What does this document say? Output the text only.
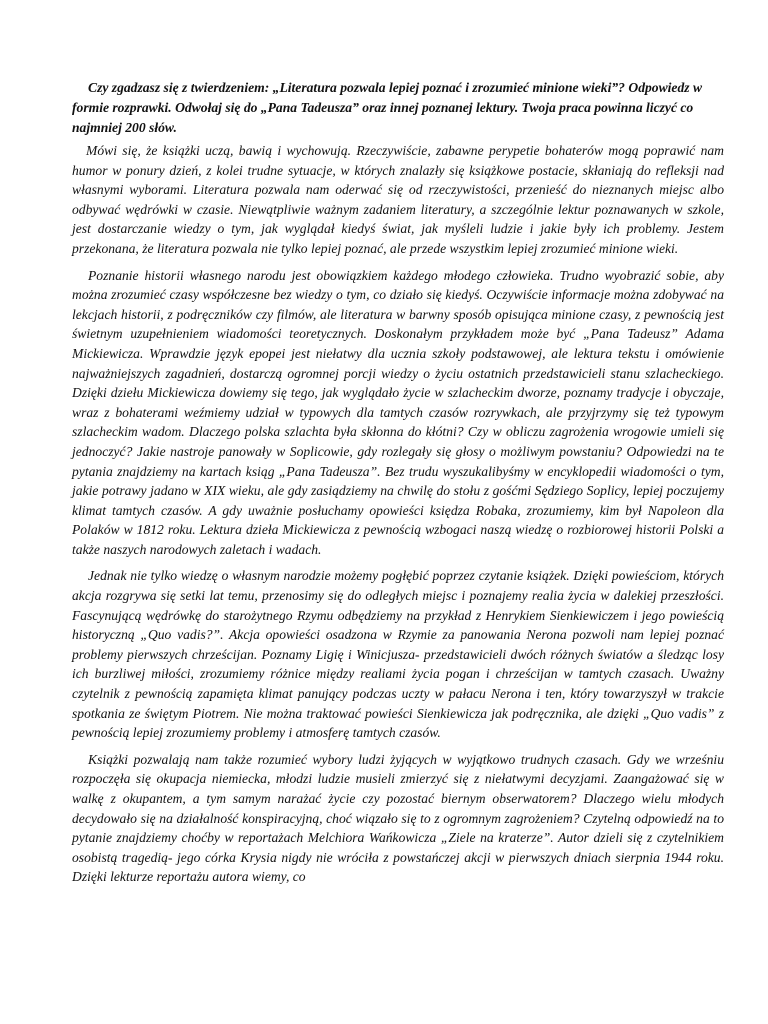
Czy zgadzasz się z twierdzeniem: „Literatura pozwala lepiej poznać i zrozumieć minione wieki”? Odpowiedz w formie rozprawki. Odwołaj się do „Pana Tadeusza” oraz innej poznanej lektury. Twoja praca powinna liczyć co najmniej 200 słów.

Mówi się, że książki uczą, bawią i wychowują. Rzeczywiście, zabawne perypetie bohaterów mogą poprawić nam humor w ponury dzień, z kolei trudne sytuacje, w których znalazły się książkowe postacie, skłaniają do refleksji nad własnymi wyborami. Literatura pozwala nam oderwać się od rzeczywistości, przenieść do nieznanych miejsc albo odbywać wędrówki w czasie. Niewątpliwie ważnym zadaniem literatury, a szczególnie lektur poznawanych w szkole, jest dostarczanie wiedzy o tym, jak wyglądał kiedyś świat, jak myśleli ludzie i jakie były ich problemy. Jestem przekonana, że literatura pozwala nie tylko lepiej poznać, ale przede wszystkim lepiej zrozumieć minione wieki.

Poznanie historii własnego narodu jest obowiązkiem każdego młodego człowieka. Trudno wyobrazić sobie, aby można zrozumieć czasy współczesne bez wiedzy o tym, co działo się kiedyś. Oczywiście informacje można zdobywać na lekcjach historii, z podręczników czy filmów, ale literatura w barwny sposób opisująca minione czasy, z pewnością jest świetnym uzupełnieniem wiadomości teoretycznych. Doskonałym przykładem może być „Pana Tadeusz” Adama Mickiewicza. Wprawdzie język epopei jest niełatwy dla ucznia szkoły podstawowej, ale lektura tekstu i omówienie najważniejszych zagadnień, dostarczą ogromnej porcji wiedzy o życiu ostatnich przedstawicieli stanu szlacheckiego. Dzięki dziełu Mickiewicza dowiemy się tego, jak wyglądało życie w szlacheckim dworze, poznamy tradycje i obyczaje, wraz z bohaterami weźmiemy udział w typowych dla tamtych czasów rozrywkach, ale przyjrzymy się też typowym szlacheckim wadom. Dlaczego polska szlachta była skłonna do kłótni? Czy w obliczu zagrożenia wrogowie umieli się jednoczyć? Jakie nastroje panowały w Soplicowie, gdy rozlegały się głosy o możliwym powstaniu? Odpowiedzi na te pytania znajdziemy na kartach ksiąg „Pana Tadeusza”. Bez trudu wyszukalibyśmy w encyklopedii wiadomości o tym, jakie potrawy jadano w XIX wieku, ale gdy zasiądziemy na chwilę do stołu z gośćmi Sędziego Soplicy, lepiej poczujemy klimat tamtych czasów. A gdy uważnie posłuchamy opowieści księdza Robaka, zrozumiemy, kim był Napoleon dla Polaków w 1812 roku. Lektura dzieła Mickiewicza z pewnością wzbogaci naszą wiedzę o rozbiorowej historii Polski a także naszych narodowych zaletach i wadach.

Jednak nie tylko wiedzę o własnym narodzie możemy pogłębić poprzez czytanie książek. Dzięki powieściom, których akcja rozgrywa się setki lat temu, przenosimy się do odległych miejsc i poznajemy realia życia w dalekiej przeszłości. Fascynującą wędrówkę do starożytnego Rzymu odbędziemy na przykład z Henrykiem Sienkiewiczem i jego powieścią historyczną „Quo vadis?”. Akcja opowieści osadzona w Rzymie za panowania Nerona pozwoli nam lepiej poznać problemy pierwszych chrześcijan. Poznamy Ligię i Winicjusza- przedstawicieli dwóch różnych światów a śledząc losy ich burzliwej miłości, zrozumiemy różnice między realiami życia pogan i chrześcijan w tamtych czasach. Uważny czytelnik z pewnością zapamięta klimat panujący podczas uczty w pałacu Nerona i ten, który towarzyszył w trakcie spotkania ze świętym Piotrem. Nie można traktować powieści Sienkiewicza jak podręcznika, ale dzięki „Quo vadis” z pewnością lepiej zrozumiemy problemy i atmosferę tamtych czasów.

Książki pozwalają nam także rozumieć wybory ludzi żyjących w wyjątkowo trudnych czasach. Gdy we wrześniu rozpoczęła się okupacja niemiecka, młodzi ludzie musieli zmierzyć się z niełatwymi decyzjami. Zaangażować się w walkę z okupantem, a tym samym narażać życie czy pozostać biernym obserwatorem? Dlaczego wielu młodych decydowało się na działalność konspiracyjną, choć wiązało się to z ogromnym zagrożeniem? Czytelną odpowiedź na to pytanie znajdziemy choćby w reportażach Melchiora Wańkowicza „Ziele na kraterze”. Autor dzieli się z czytelnikiem osobistą tragedią- jego córka Krysia nigdy nie wróciła z powstańczej akcji w pierwszych dniach sierpnia 1944 roku. Dzięki lekturze reportażu autora wiemy, co
